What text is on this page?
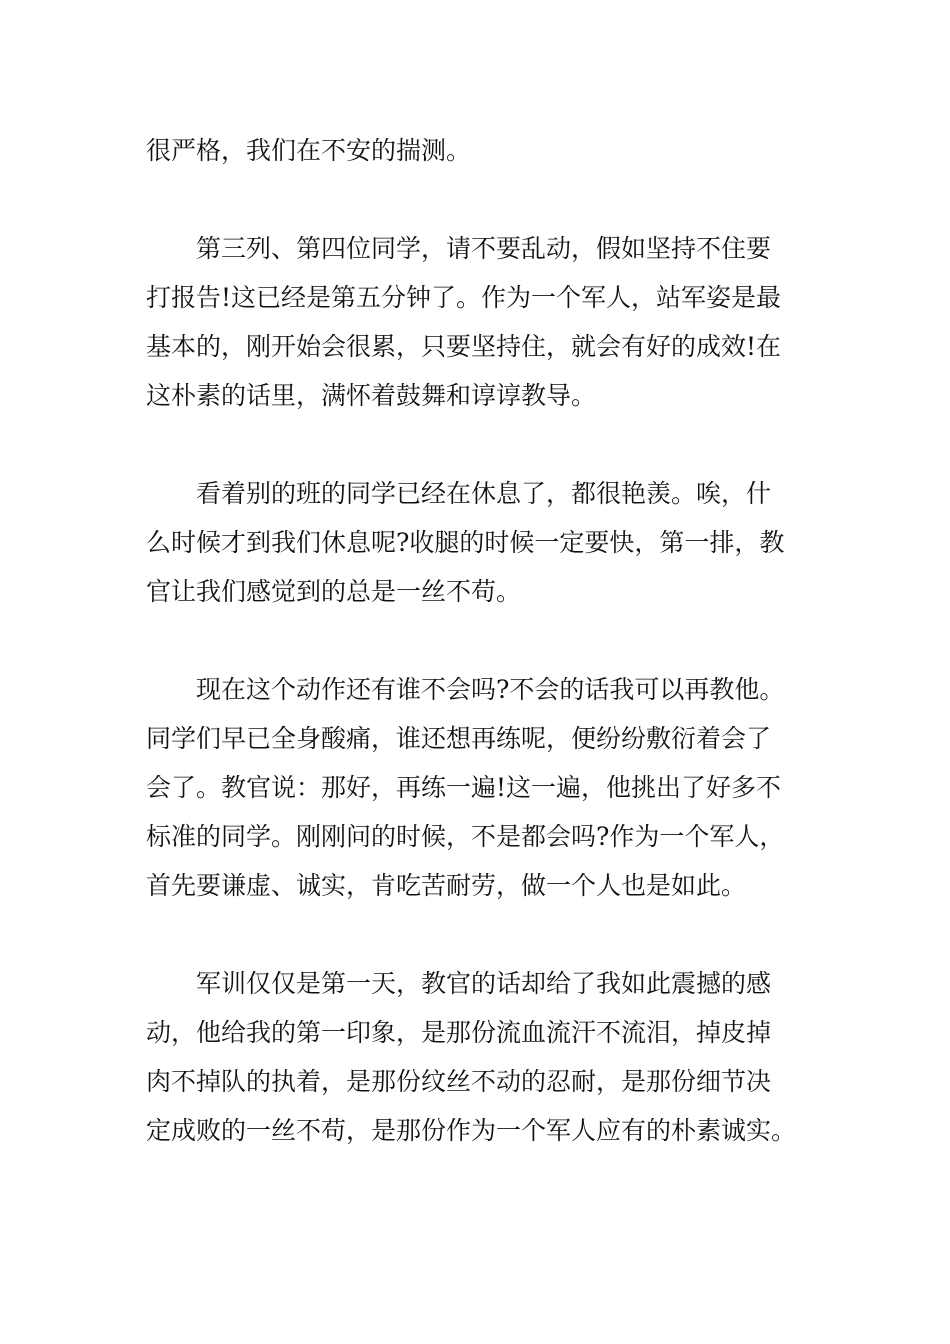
很严格，我们在不安的揣测。

第三列、第四位同学，请不要乱动，假如坚持不住要

打报告!这已经是第五分钟了。作为一个军人，站军姿是最

基本的，刚开始会很累，只要坚持住，就会有好的成效!在

这朴素的话里，满怀着鼓舞和谆谆教导。

看着别的班的同学已经在休息了，都很艳羡。唉，什

么时候才到我们休息呢?收腿的时候一定要快，第一排，教

官让我们感觉到的总是一丝不苟。

现在这个动作还有谁不会吗?不会的话我可以再教他。

同学们早已全身酸痛，谁还想再练呢，便纷纷敷衍着会了

会了。教官说：那好，再练一遍!这一遍，他挑出了好多不

标准的同学。刚刚问的时候，不是都会吗?作为一个军人，

首先要谦虚、诚实，肯吃苦耐劳，做一个人也是如此。

军训仅仅是第一天，教官的话却给了我如此震撼的感

动，他给我的第一印象，是那份流血流汗不流泪，掉皮掉

肉不掉队的执着，是那份纹丝不动的忍耐，是那份细节决

定成败的一丝不苟，是那份作为一个军人应有的朴素诚实。
